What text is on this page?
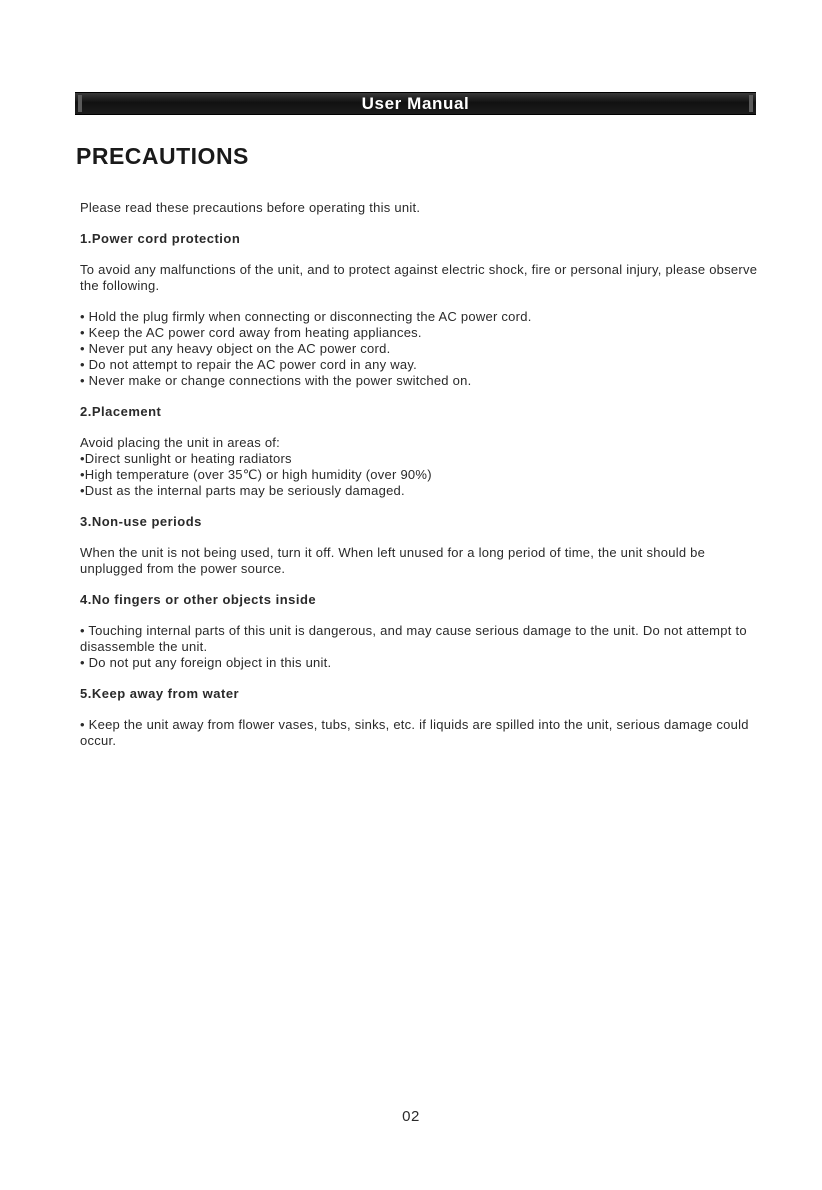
User Manual
PRECAUTIONS

Please read these precautions before operating this unit.

1.Power cord protection

To avoid any malfunctions of the unit, and to protect against electric shock, fire or personal injury, please observe the following.

• Hold the plug firmly when connecting or disconnecting the AC power cord.
• Keep the AC power cord away from heating appliances.
• Never put any heavy object on the AC power cord.
• Do not attempt to repair the AC power cord in any way.
• Never make or change connections with the power switched on.

2.Placement

Avoid placing the unit in areas of:
•Direct sunlight or heating radiators
•High temperature (over 35℃) or high humidity (over 90%)
•Dust as the internal parts may be seriously damaged.

3.Non-use periods

When the unit is not being used, turn it off. When left unused for a long period of time, the unit should be unplugged from the power source.

4.No fingers or other objects inside

• Touching internal parts of this unit is dangerous, and may cause serious damage to the unit. Do not attempt to disassemble the unit.
• Do not put any foreign object in this unit.

5.Keep away from water

• Keep the unit away from flower vases, tubs, sinks, etc. if liquids are spilled into the unit, serious damage could occur.
02
